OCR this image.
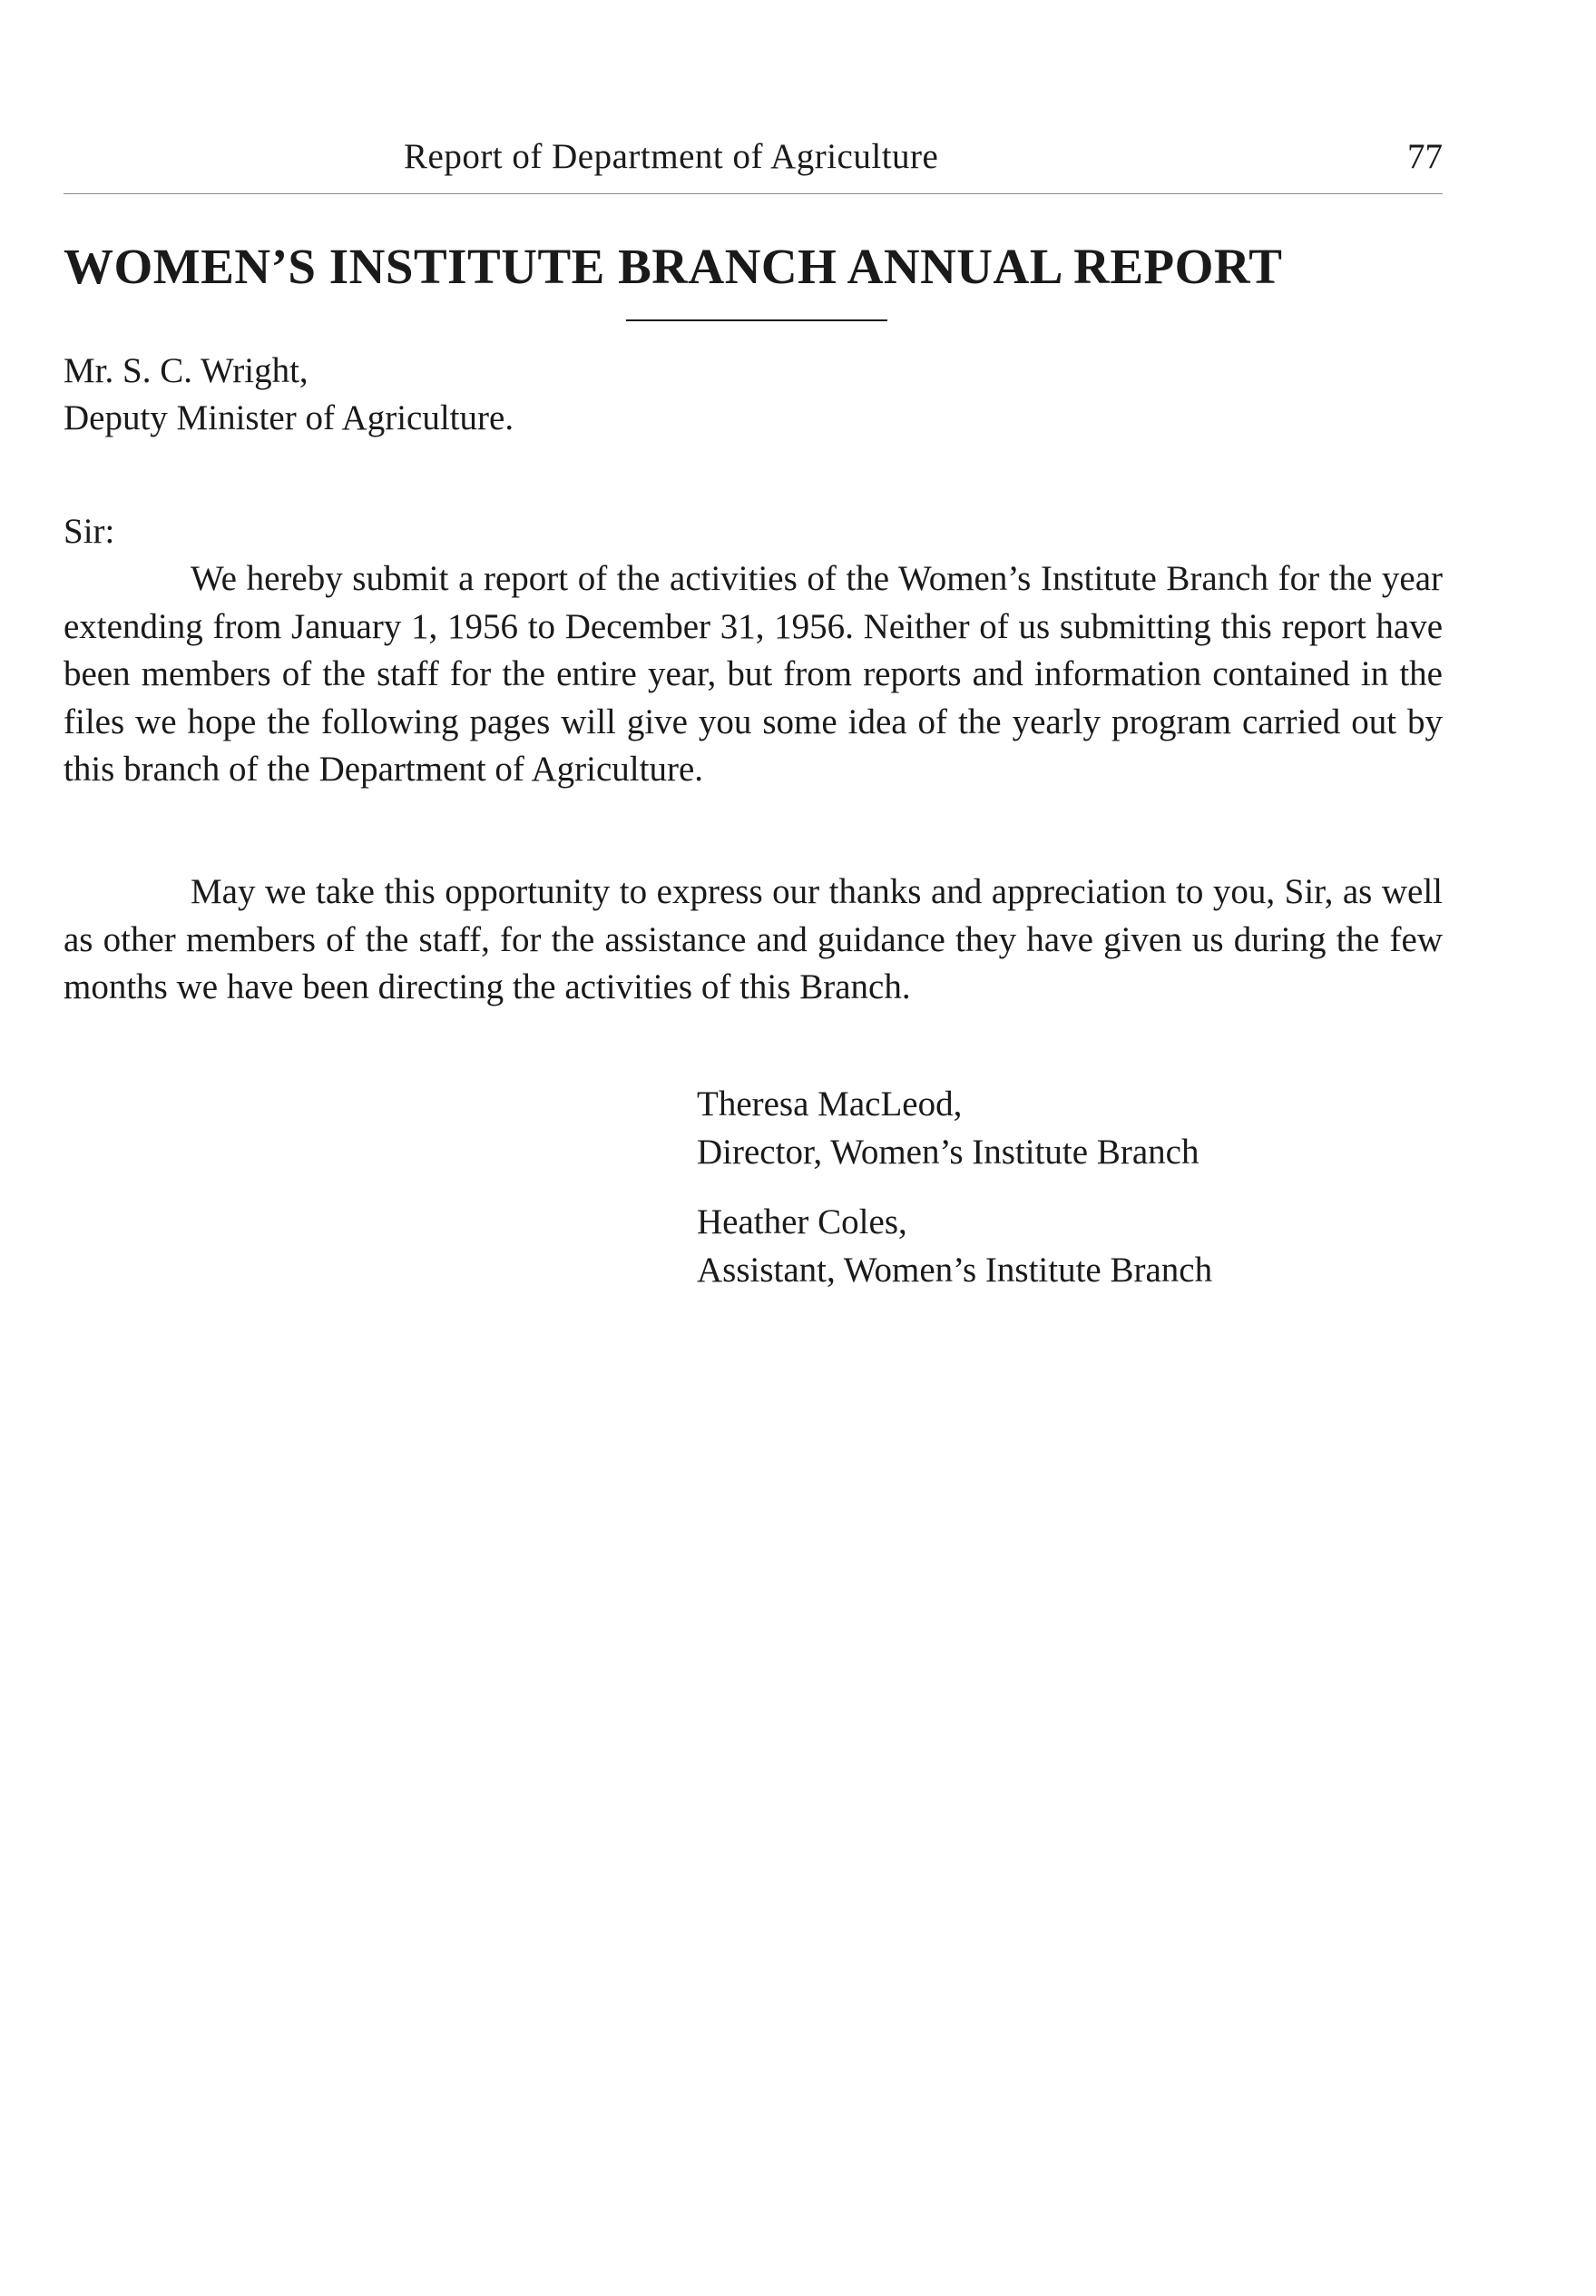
Report of Department of Agriculture	77
WOMEN’S INSTITUTE BRANCH ANNUAL REPORT
Mr. S. C. Wright,
Deputy Minister of Agriculture.
Sir:

We hereby submit a report of the activities of the Women’s Institute Branch for the year extending from January 1, 1956 to December 31, 1956. Neither of us submitting this report have been members of the staff for the entire year, but from reports and information contained in the files we hope the following pages will give you some idea of the yearly program carried out by this branch of the Department of Agriculture.

May we take this opportunity to express our thanks and appreciation to you, Sir, as well as other members of the staff, for the assistance and guidance they have given us during the few months we have been directing the activities of this Branch.

Theresa MacLeod,
Director, Women’s Institute Branch
Heather Coles,
Assistant, Women’s Institute Branch
